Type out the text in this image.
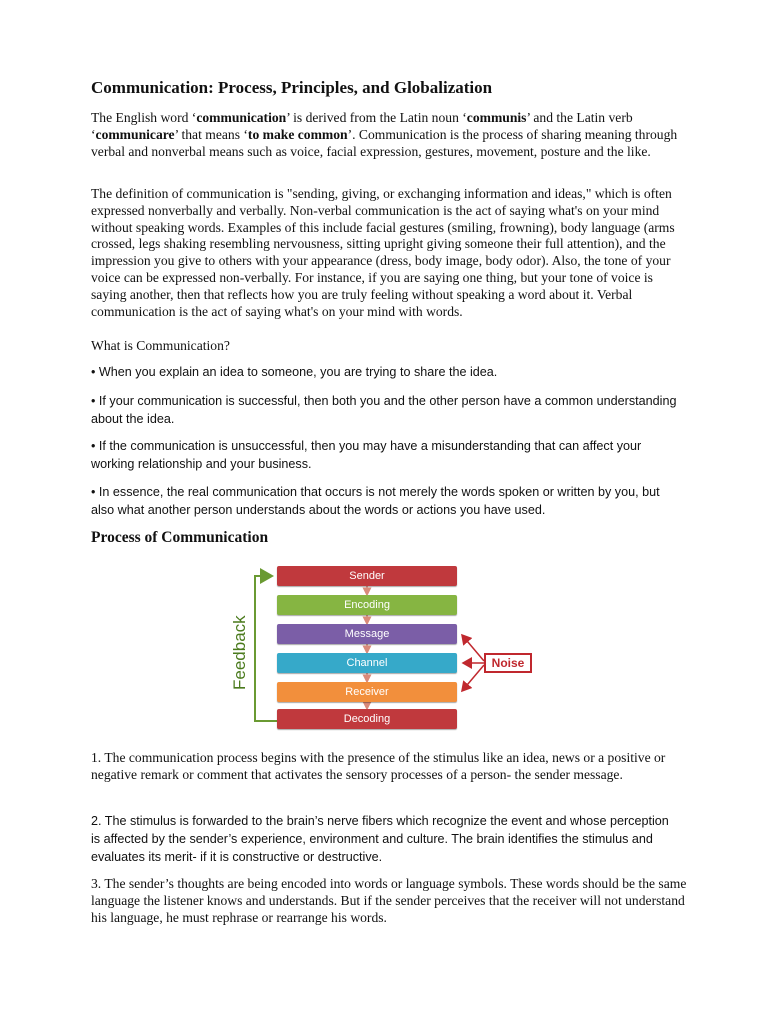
Communication: Process, Principles, and Globalization

The English word ‘communication’ is derived from the Latin noun ‘communis’ and the Latin verb ‘communicare’ that means ‘to make common’. Communication is the process of sharing meaning through verbal and nonverbal means such as voice, facial expression, gestures, movement, posture and the like.

The definition of communication is "sending, giving, or exchanging information and ideas," which is often expressed nonverbally and verbally. Non-verbal communication is the act of saying what's on your mind without speaking words. Examples of this include facial gestures (smiling, frowning), body language (arms crossed, legs shaking resembling nervousness, sitting upright giving someone their full attention), and the impression you give to others with your appearance (dress, body image, body odor). Also, the tone of your voice can be expressed non-verbally. For instance, if you are saying one thing, but your tone of voice is saying another, then that reflects how you are truly feeling without speaking a word about it. Verbal communication is the act of saying what's on your mind with words.

What is Communication?

• When you explain an idea to someone, you are trying to share the idea.

• If your communication is successful, then both you and the other person have a common understanding about the idea.

• If the communication is unsuccessful, then you may have a misunderstanding that can affect your working relationship and your business.

• In essence, the real communication that occurs is not merely the words spoken or written by you, but also what another person understands about the words or actions you have used.

Process of Communication
Feedback
Sender
Encoding
Message
Channel
Receiver
Decoding
Noise

1. The communication process begins with the presence of the stimulus like an idea, news or a positive or negative remark or comment that activates the sensory processes of a person- the sender message.

2. The stimulus is forwarded to the brain’s nerve fibers which recognize the event and whose perception is affected by the sender’s experience, environment and culture. The brain identifies the stimulus and evaluates its merit- if it is constructive or destructive.

3. The sender’s thoughts are being encoded into words or language symbols. These words should be the same language the listener knows and understands. But if the sender perceives that the receiver will not understand his language, he must rephrase or rearrange his words.
